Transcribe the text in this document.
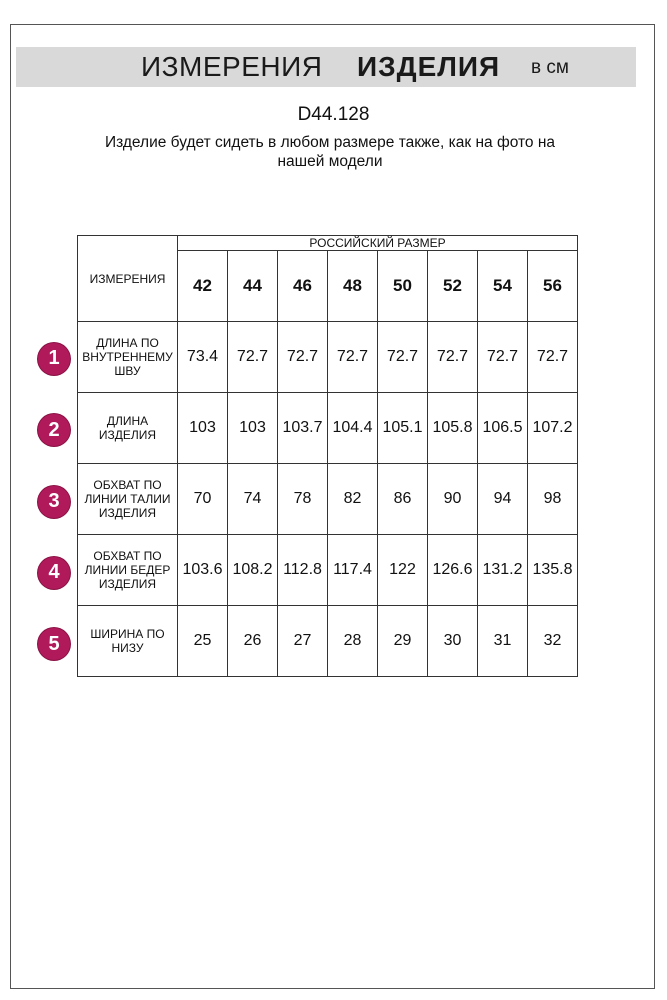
ИЗМЕРЕНИЯ ИЗДЕЛИЯ в см
D44.128
Изделие будет сидеть в любом размере также, как на фото на нашей модели
ИЗМЕРЕНИЯ	РОССИЙСКИЙ РАЗМЕР							
	42	44	46	48	50	52	54	56

ДЛИНА ПО
ВНУТРЕННЕМУ
ШВУ	73.4	72.7	72.7	72.7	72.7	72.7	72.7	72.7

ДЛИНА
ИЗДЕЛИЯ	103	103	103.7	104.4	105.1	105.8	106.5	107.2

ОБХВАТ ПО
ЛИНИИ ТАЛИИ
ИЗДЕЛИЯ	70	74	78	82	86	90	94	98

ОБХВАТ ПО
ЛИНИИ БЕДЕР
ИЗДЕЛИЯ	103.6	108.2	112.8	117.4	122	126.6	131.2	135.8

ШИРИНА ПО
НИЗУ	25	26	27	28	29	30	31	32
1
2
3
4
5
